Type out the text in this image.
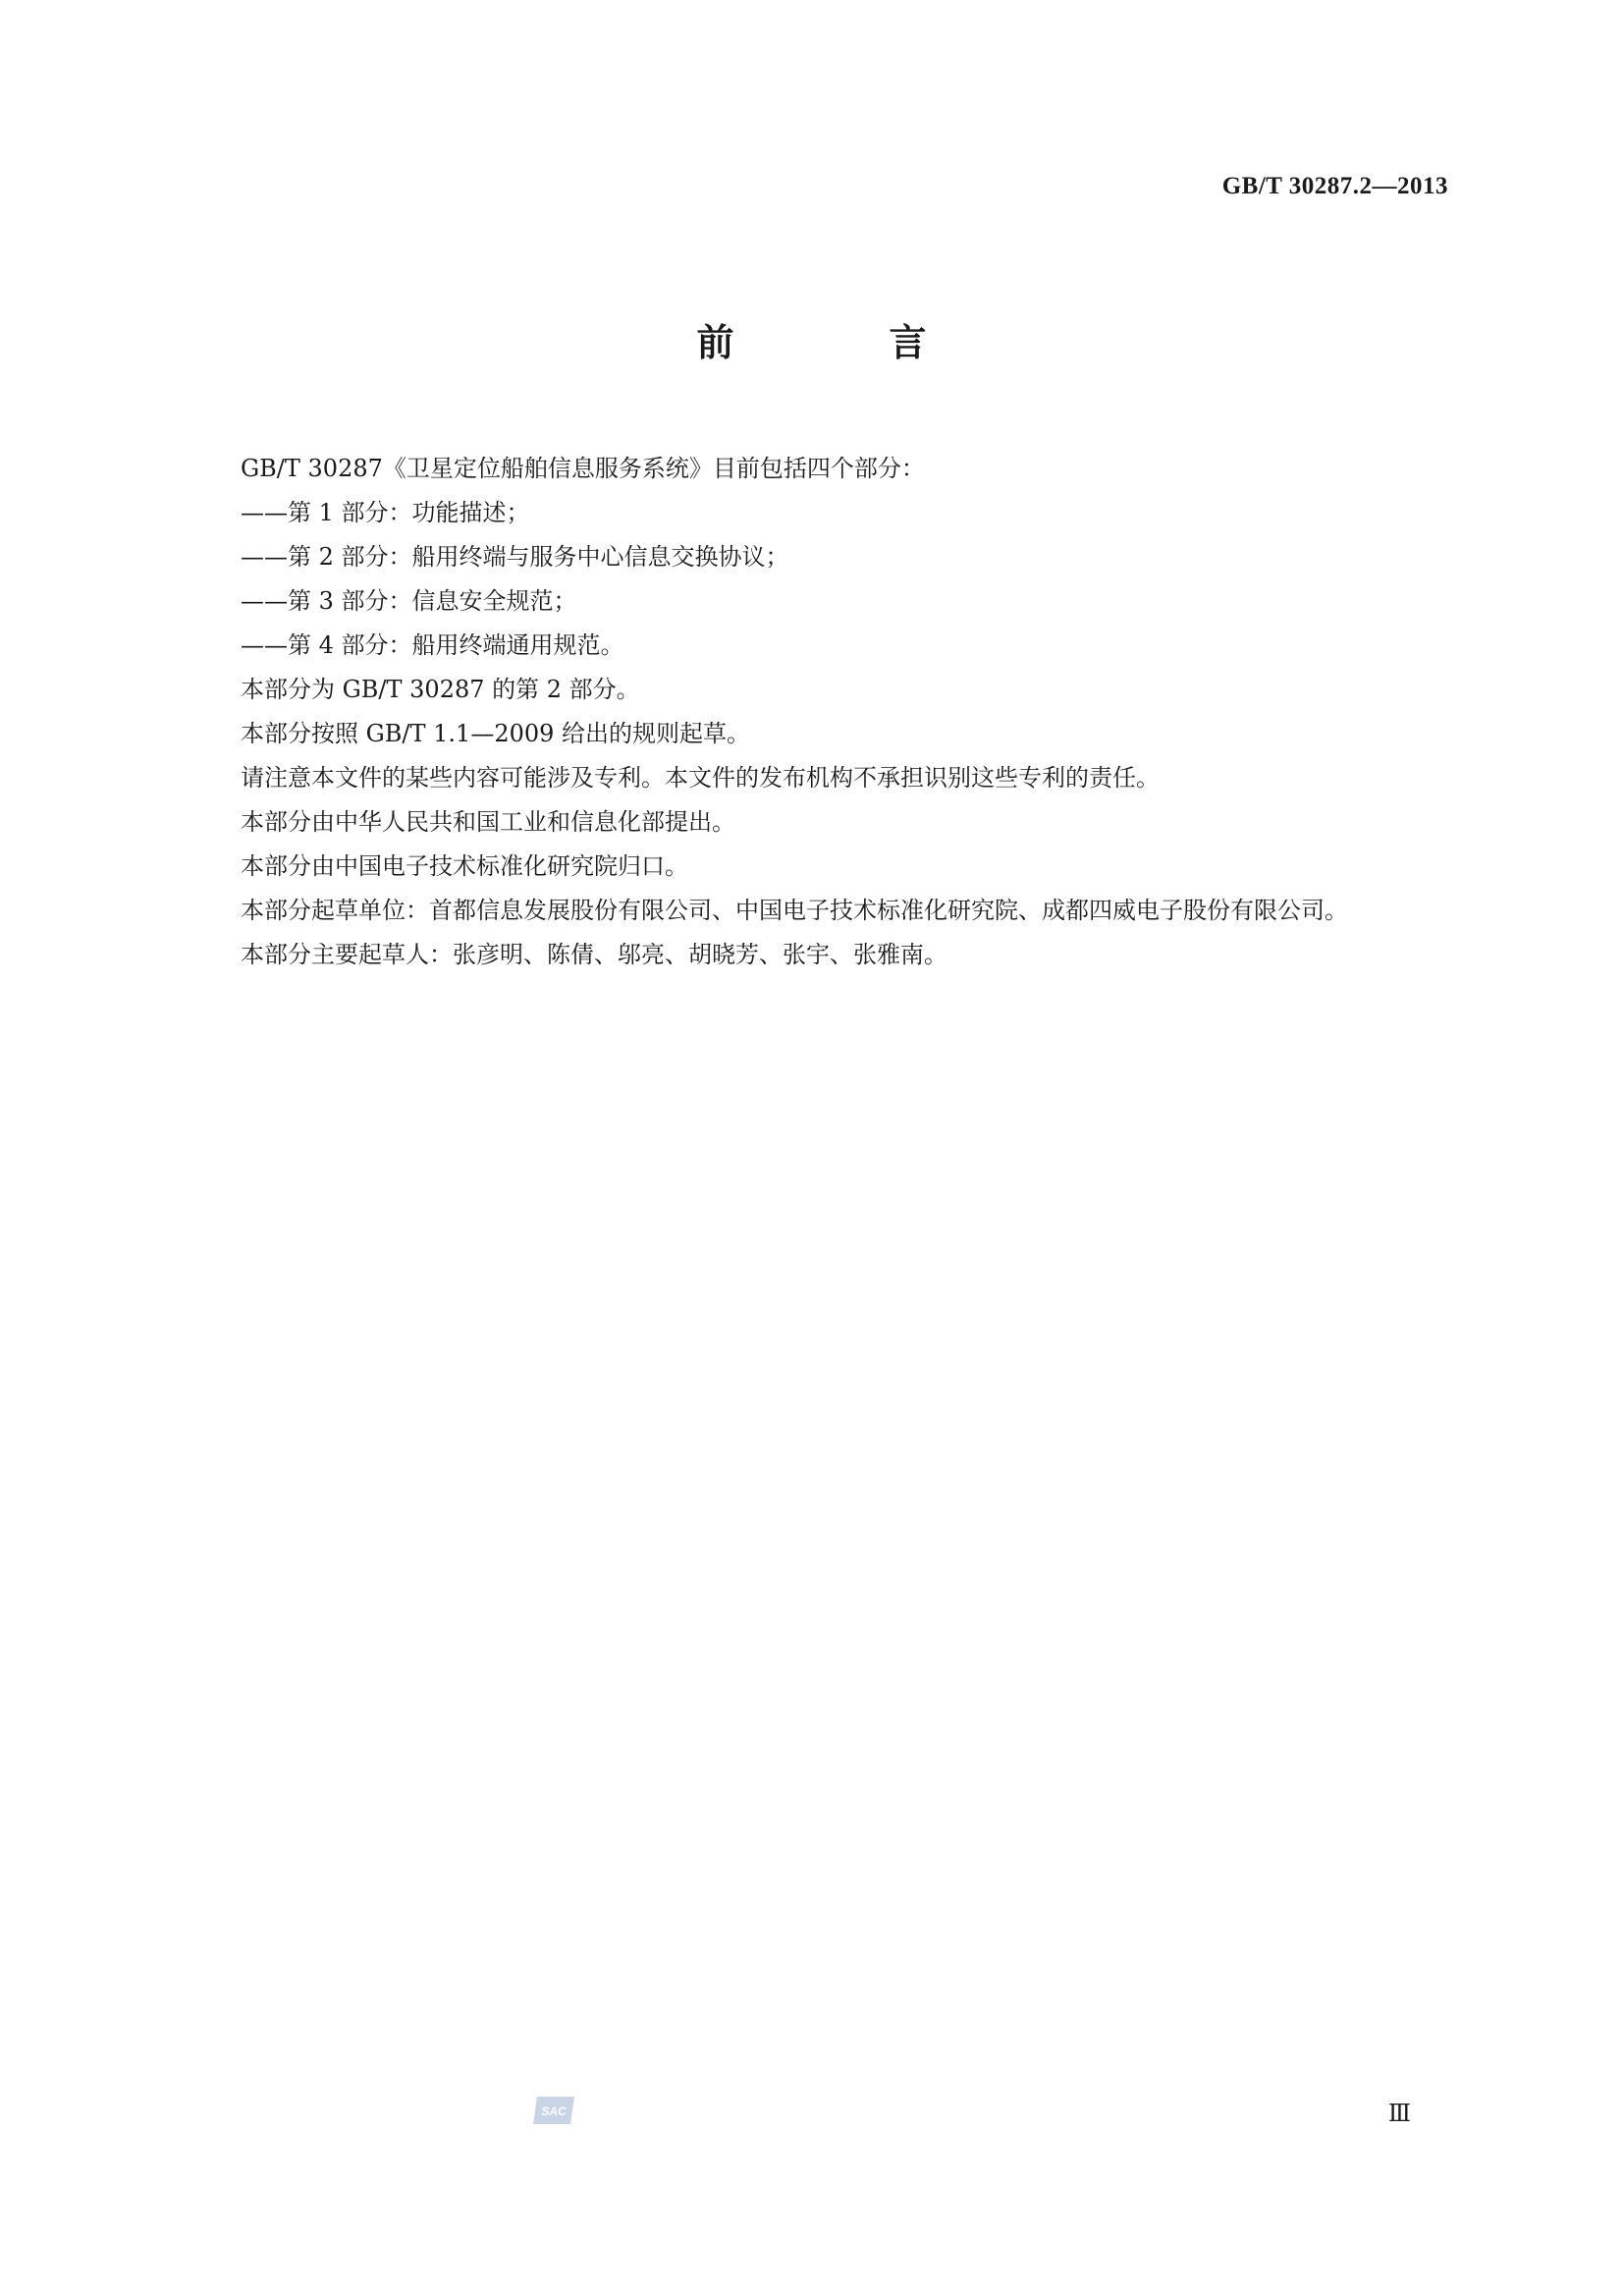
GB/T 30287.2—2013
前　言

GB/T 30287《卫星定位船舶信息服务系统》目前包括四个部分：

——第 1 部分：功能描述；

——第 2 部分：船用终端与服务中心信息交换协议；

——第 3 部分：信息安全规范；

——第 4 部分：船用终端通用规范。

本部分为 GB/T 30287 的第 2 部分。

本部分按照 GB/T 1.1—2009 给出的规则起草。

请注意本文件的某些内容可能涉及专利。本文件的发布机构不承担识别这些专利的责任。

本部分由中华人民共和国工业和信息化部提出。

本部分由中国电子技术标准化研究院归口。

本部分起草单位：首都信息发展股份有限公司、中国电子技术标准化研究院、成都四威电子股份有限公司。

本部分主要起草人：张彦明、陈倩、邬亮、胡晓芳、张宇、张雅南。

SAC	Ⅲ
